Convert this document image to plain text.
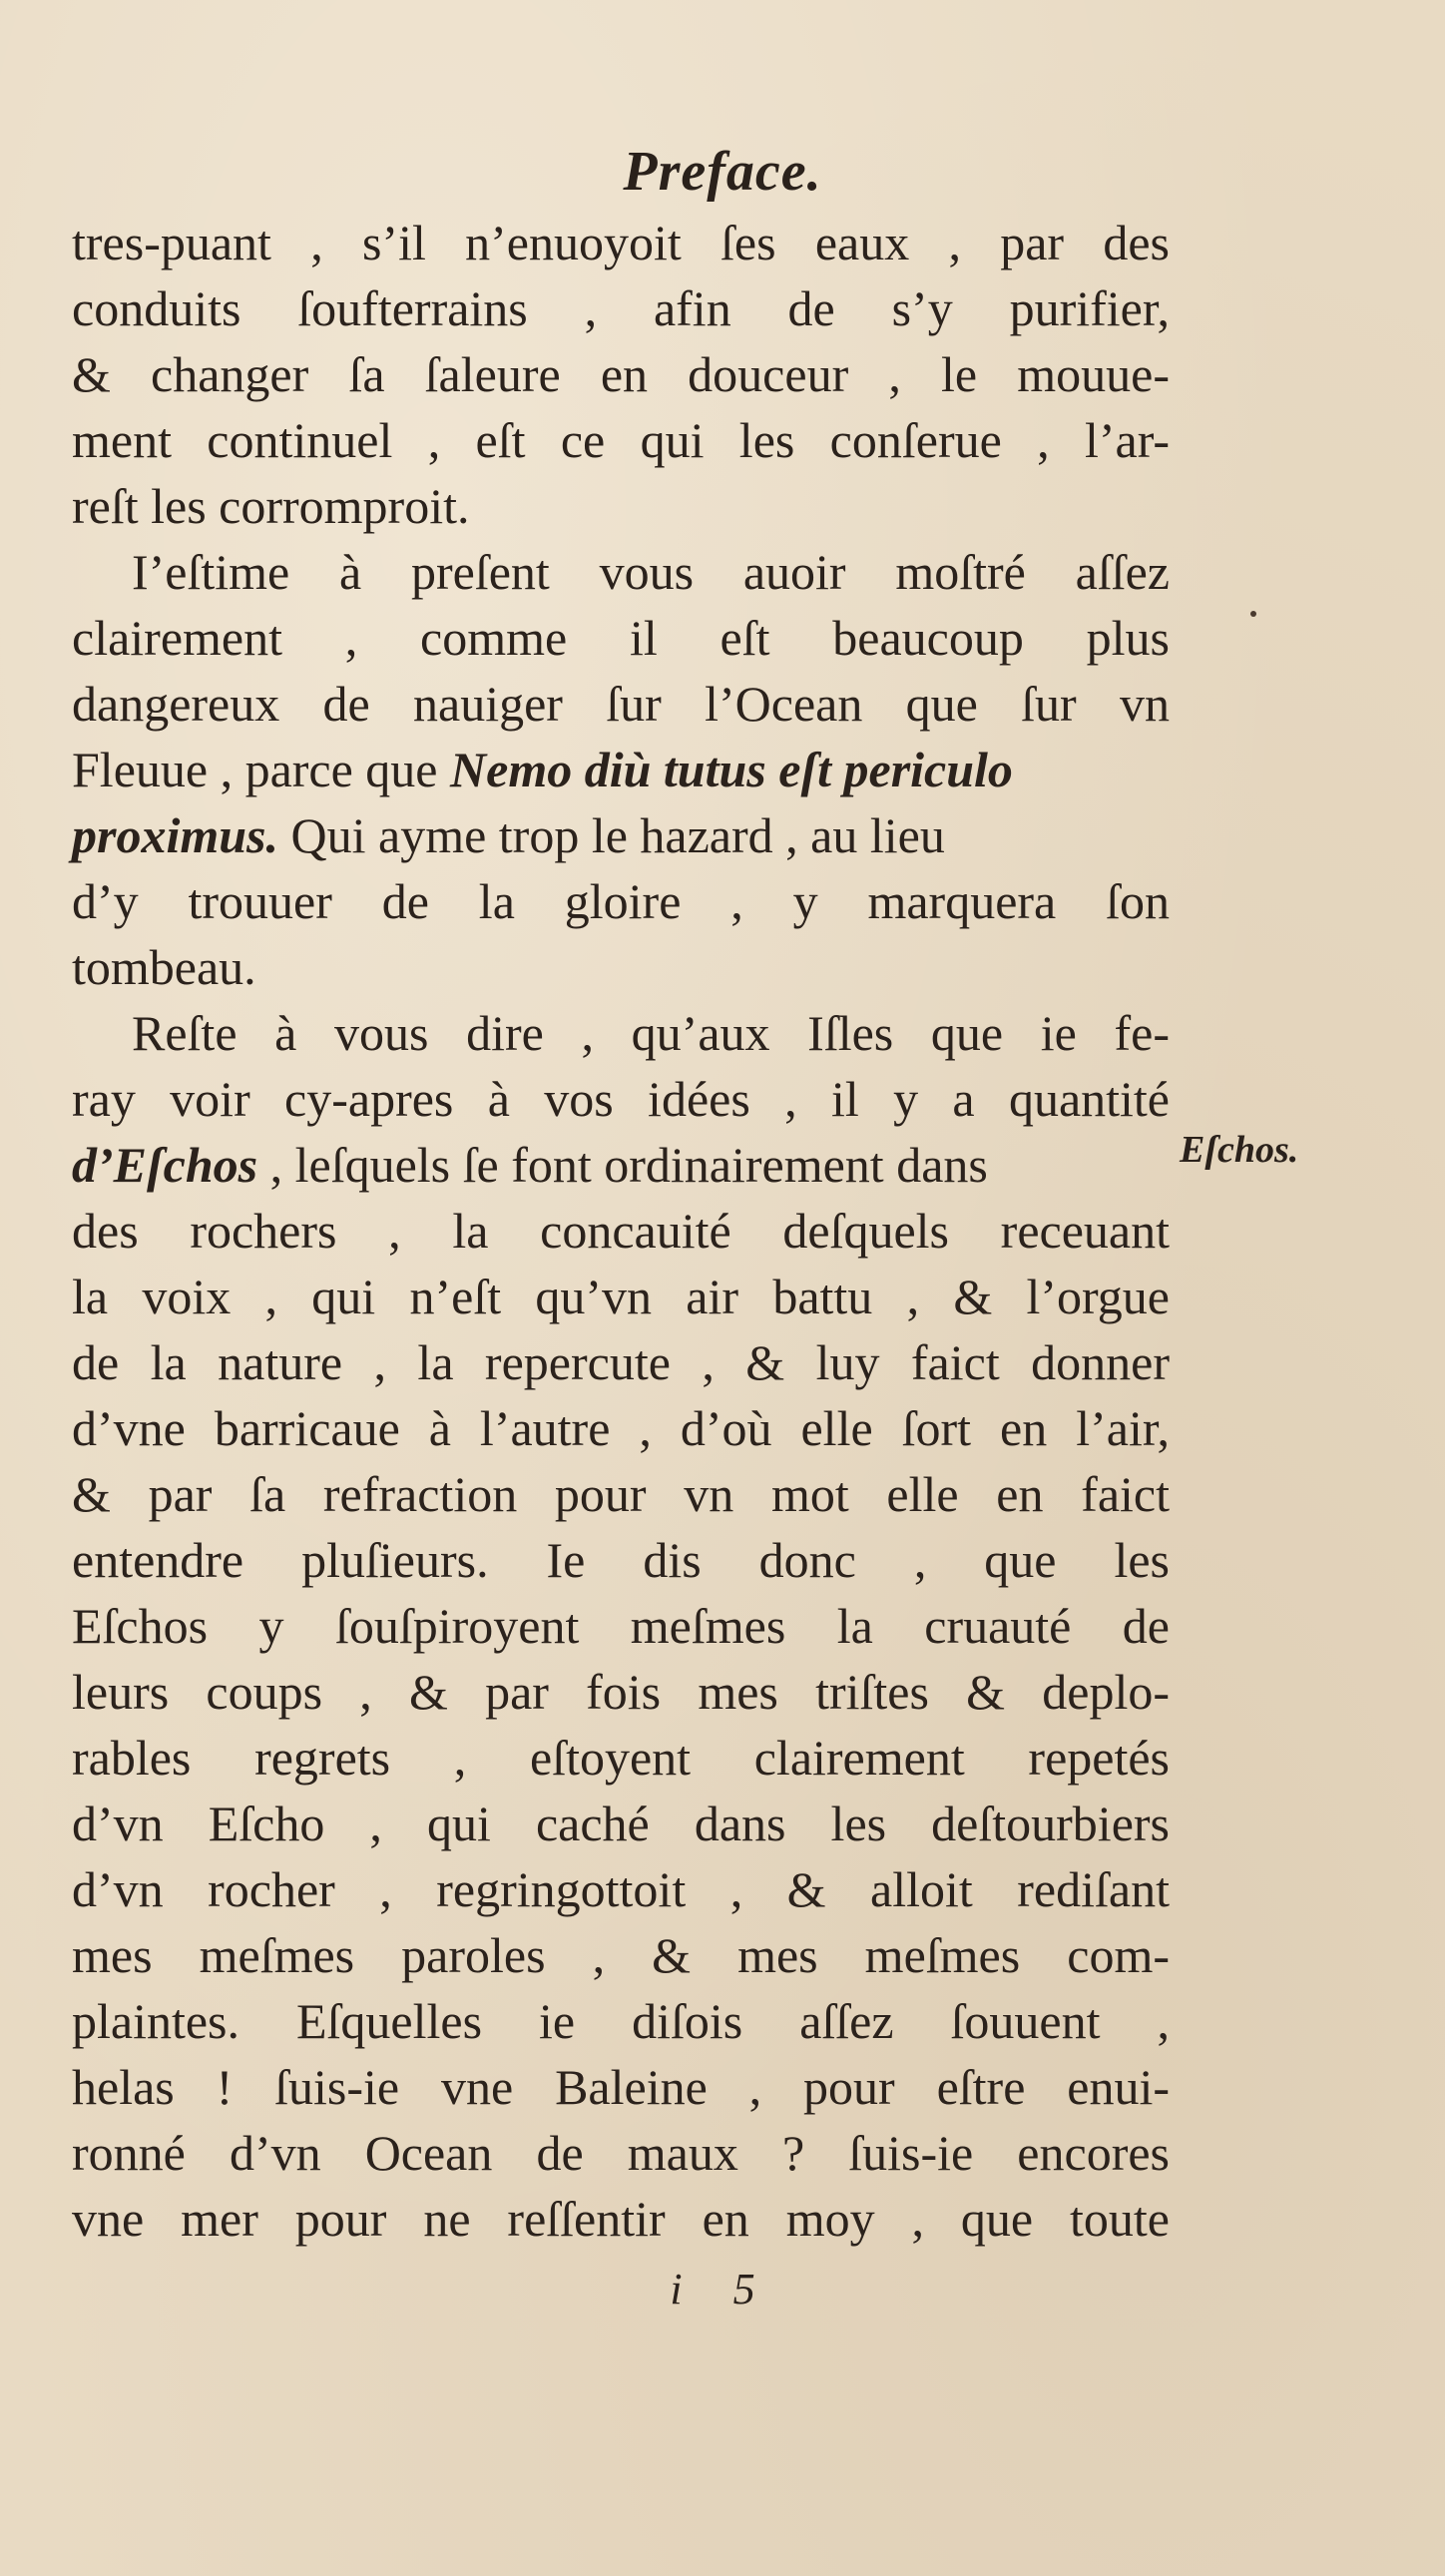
Preface.
tres-puant , s’il n’enuoyoit ſes eaux , par des
conduits ſoufterrains , afin de s’y purifier,
& changer ſa ſaleure en douceur , le mouue-
ment continuel , eſt ce qui les conſerue , l’ar-
reſt les corromproit.
I’eſtime à preſent vous auoir moſtré aſſez
clairement , comme il eſt beaucoup plus
dangereux de nauiger ſur l’Ocean que ſur vn
Fleuue , parce que Nemo diù tutus eſt periculo
proximus. Qui ayme trop le hazard , au lieu
d’y trouuer de la gloire , y marquera ſon
tombeau.
Reſte à vous dire , qu’aux Iſles que ie fe-
ray voir cy-apres à vos idées , il y a quantité
d’Eſchos , leſquels ſe font ordinairement dans
des rochers , la concauité deſquels receuant
la voix , qui n’eſt qu’vn air battu , & l’orgue
de la nature , la repercute , & luy faict donner
d’vne barricaue à l’autre , d’où elle ſort en l’air,
& par ſa refraction pour vn mot elle en faict
entendre pluſieurs. Ie dis donc , que les
Eſchos y ſouſpiroyent meſmes la cruauté de
leurs coups , & par fois mes triſtes & deplo-
rables regrets , eſtoyent clairement repetés
d’vn Eſcho , qui caché dans les deſtourbiers
d’vn rocher , regringottoit , & alloit rediſant
mes meſmes paroles , & mes meſmes com-
plaintes. Eſquelles ie diſois aſſez ſouuent ,
helas ! ſuis-ie vne Baleine , pour eſtre enui-
ronné d’vn Ocean de maux ? ſuis-ie encores
vne mer pour ne reſſentir en moy , que toute
Eſchos.
i 5
